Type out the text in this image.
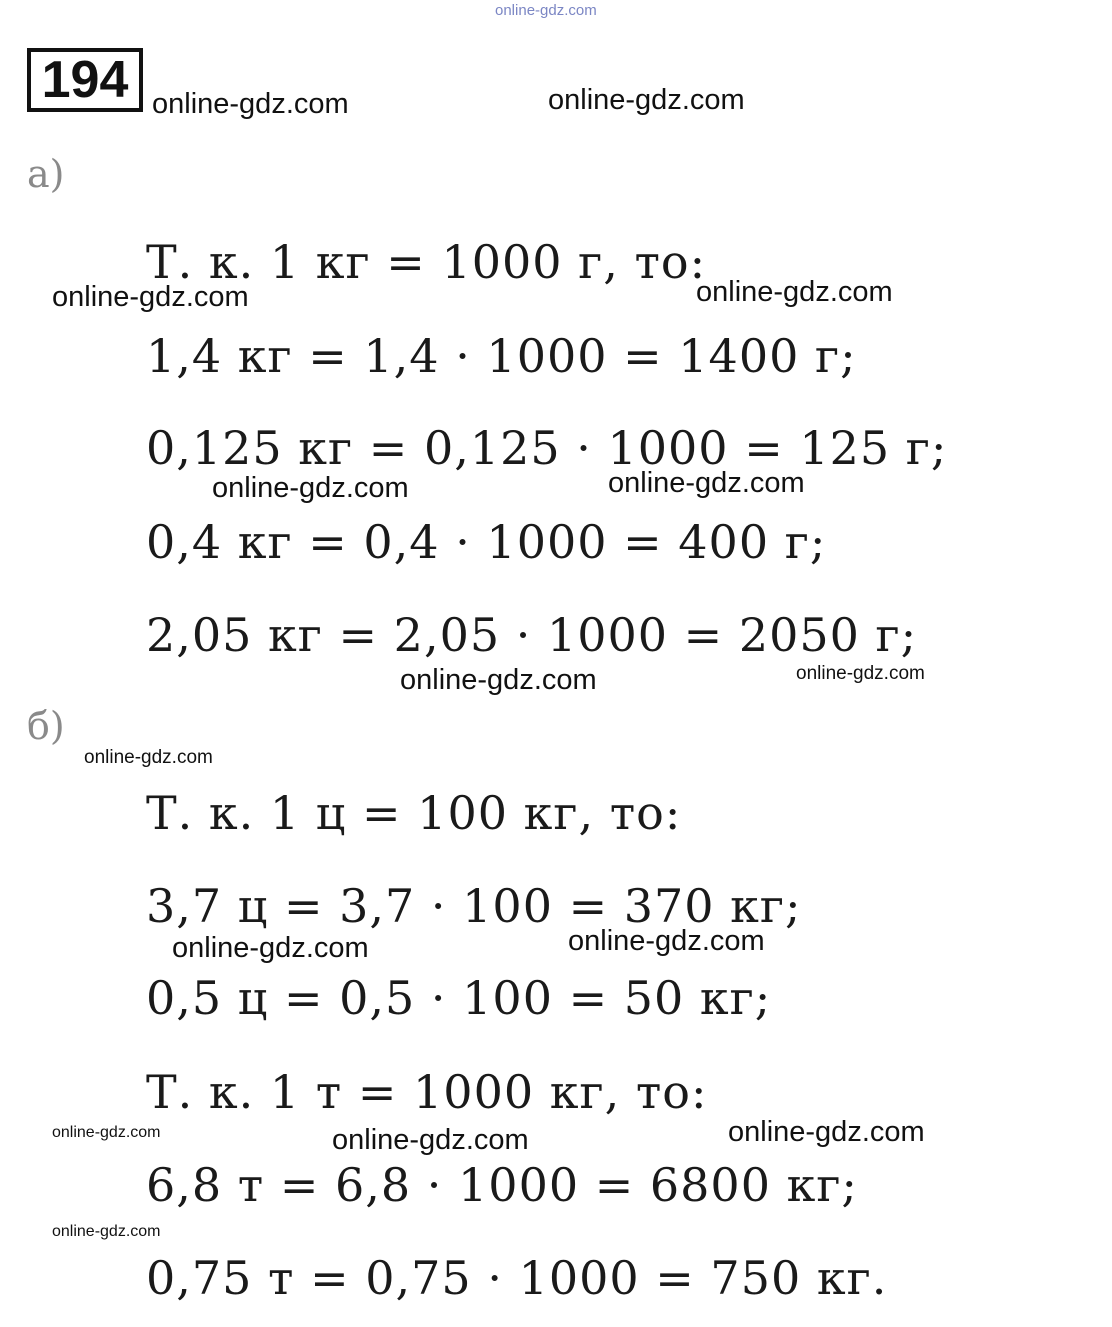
online-gdz.com
194 online-gdz.com	online-gdz.com
а)
Т. к. 1 кг = 1000 г, то:
online-gdz.com	online-gdz.com
1,4 кг = 1,4 · 1000 = 1400 г;
0,125 кг = 0,125 · 1000 = 125 г;
online-gdz.com	online-gdz.com
0,4 кг = 0,4 · 1000 = 400 г;
2,05 кг = 2,05 · 1000 = 2050 г;
online-gdz.com	online-gdz.com
б)
online-gdz.com
Т. к. 1 ц = 100 кг, то:
3,7 ц = 3,7 · 100 = 370 кг;
online-gdz.com	online-gdz.com
0,5 ц = 0,5 · 100 = 50 кг;
Т. к. 1 т = 1000 кг, то:
online-gdz.com	online-gdz.com	online-gdz.com
6,8 т = 6,8 · 1000 = 6800 кг;
online-gdz.com
0,75 т = 0,75 · 1000 = 750 кг.
